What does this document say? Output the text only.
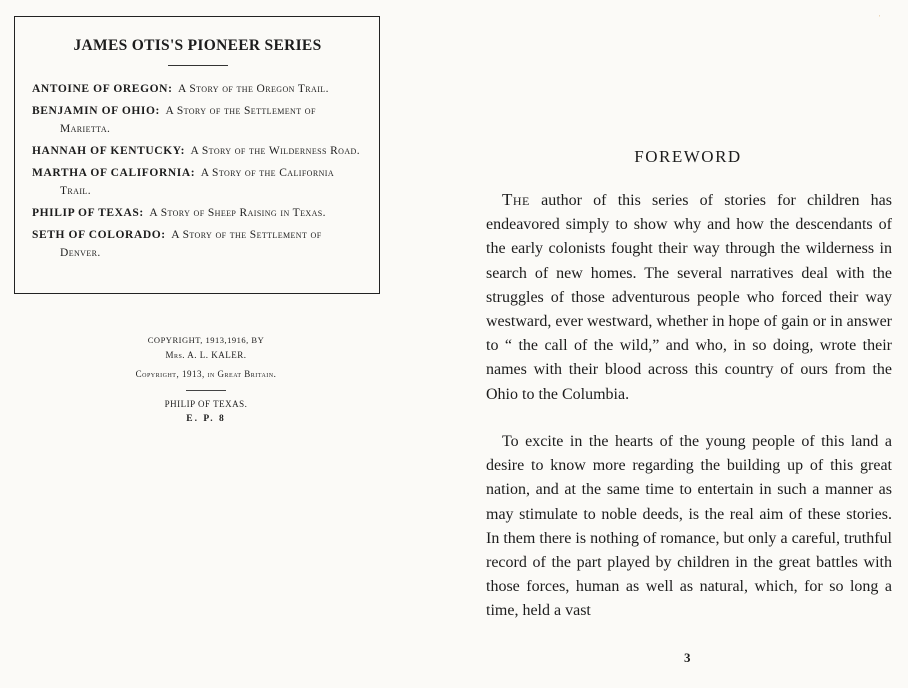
JAMES OTIS'S PIONEER SERIES
ANTOINE OF OREGON: A Story of the Oregon Trail.
BENJAMIN OF OHIO: A Story of the Settlement of Marietta.
HANNAH OF KENTUCKY: A Story of the Wilderness Road.
MARTHA OF CALIFORNIA: A Story of the California Trail.
PHILIP OF TEXAS: A Story of Sheep Raising in Texas.
SETH OF COLORADO: A Story of the Settlement of Denver.
COPYRIGHT, 1913,1916, BY
Mrs. A. L. KALER.
Copyright, 1913, in Great Britain.
PHILIP OF TEXAS.
E. P. 8
ˈ
FOREWORD

 The author of this series of stories for children has endeavored simply to show why and how the descendants of the early colonists fought their way through the wilderness in search of new homes. The several narratives deal with the struggles of those adventurous people who forced their way westward, ever westward, whether in hope of gain or in answer to “ the call of the wild,” and who, in so doing, wrote their names with their blood across this country of ours from the Ohio to the Columbia.

 To excite in the hearts of the young people of this land a desire to know more regarding the building up of this great nation, and at the same time to entertain in such a manner as may stimulate to noble deeds, is the real aim of these stories. In them there is nothing of romance, but only a careful, truthful record of the part played by children in the great battles with those forces, human as well as natural, which, for so long a time, held a vast

3
